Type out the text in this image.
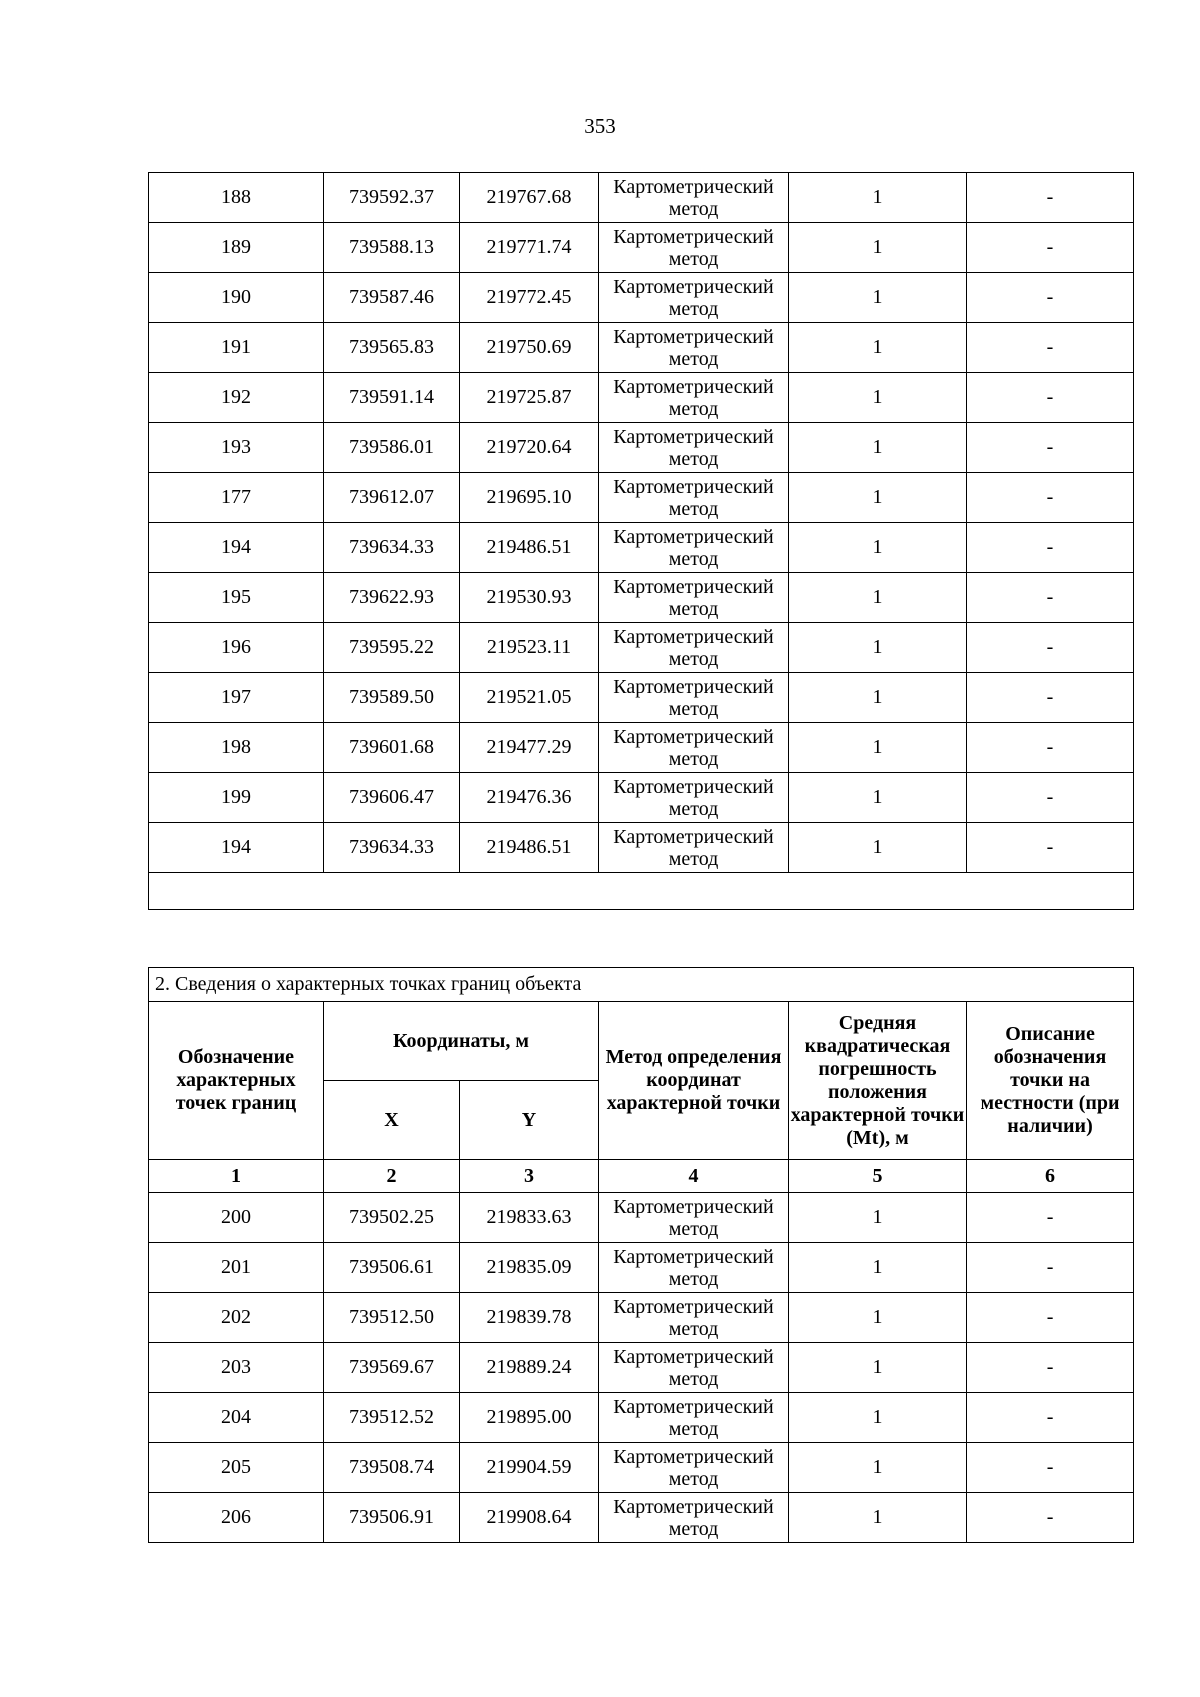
353
188	739592.37	219767.68	Картометрический метод	1	-
189	739588.13	219771.74	Картометрический метод	1	-
190	739587.46	219772.45	Картометрический метод	1	-
191	739565.83	219750.69	Картометрический метод	1	-
192	739591.14	219725.87	Картометрический метод	1	-
193	739586.01	219720.64	Картометрический метод	1	-
177	739612.07	219695.10	Картометрический метод	1	-
194	739634.33	219486.51	Картометрический метод	1	-
195	739622.93	219530.93	Картометрический метод	1	-
196	739595.22	219523.11	Картометрический метод	1	-
197	739589.50	219521.05	Картометрический метод	1	-
198	739601.68	219477.29	Картометрический метод	1	-
199	739606.47	219476.36	Картометрический метод	1	-
194	739634.33	219486.51	Картометрический метод	1	-

2. Сведения о характерных точках границ объекта					
Обозначение характерных точек границ	Координаты, м		Метод определения координат характерной точки	Средняя квадратическая погрешность положения характерной точки (Mt), м	Описание обозначения точки на местности (при наличии)
	X	Y			
1	2	3	4	5	6
200	739502.25	219833.63	Картометрический метод	1	-
201	739506.61	219835.09	Картометрический метод	1	-
202	739512.50	219839.78	Картометрический метод	1	-
203	739569.67	219889.24	Картометрический метод	1	-
204	739512.52	219895.00	Картометрический метод	1	-
205	739508.74	219904.59	Картометрический метод	1	-
206	739506.91	219908.64	Картометрический метод	1	-
